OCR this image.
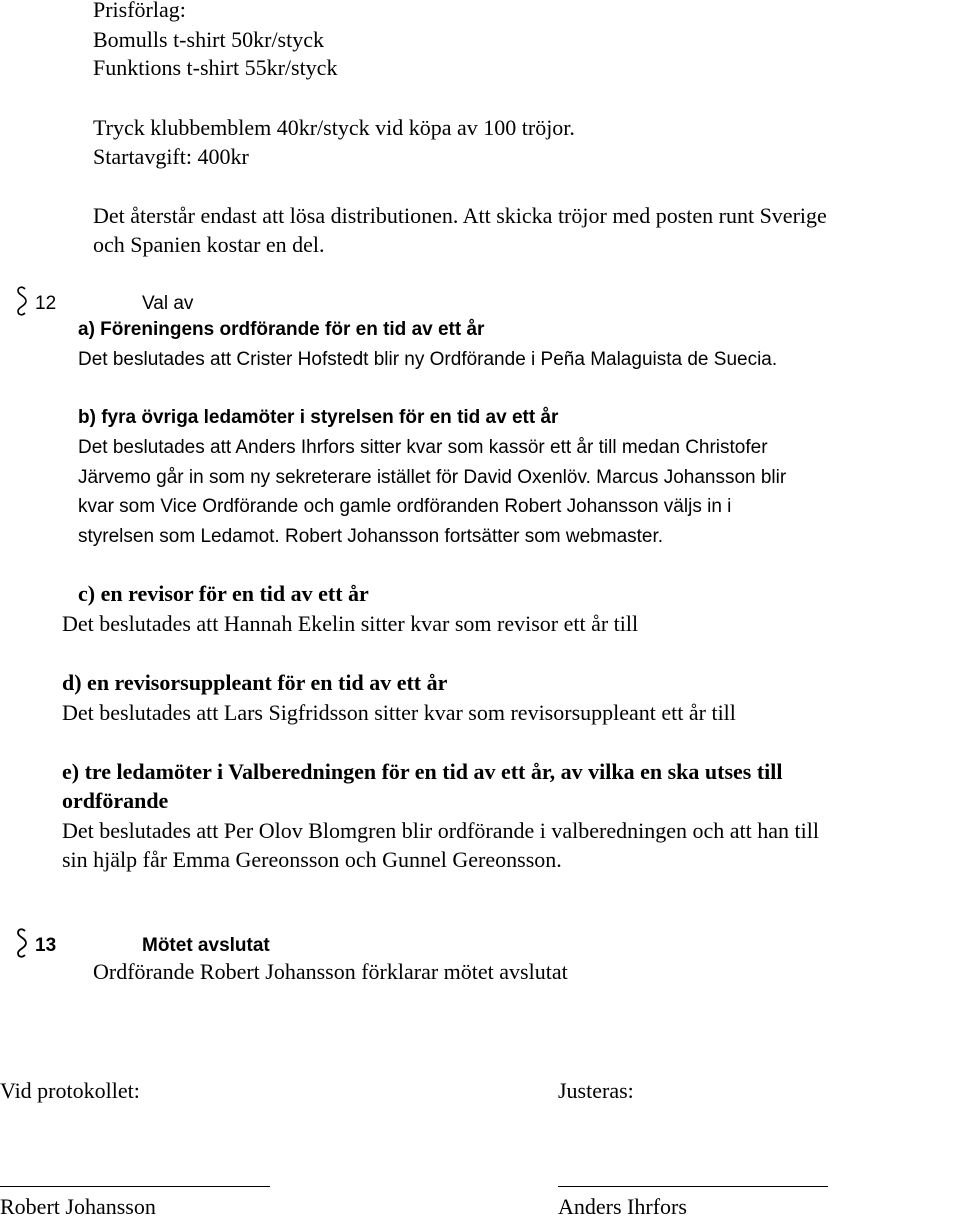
Prisförlag:
Bomulls t-shirt 50kr/styck
Funktions t-shirt 55kr/styck
Tryck klubbemblem 40kr/styck vid köpa av 100 tröjor.
Startavgift: 400kr
Det återstår endast att lösa distributionen. Att skicka tröjor med posten runt Sverige
och Spanien kostar en del.
12	Val av
a) Föreningens ordförande för en tid av ett år
Det beslutades att Crister Hofstedt blir ny Ordförande i Peña Malaguista de Suecia.
b) fyra övriga ledamöter i styrelsen för en tid av ett år
Det beslutades att Anders Ihrfors sitter kvar som kassör ett år till medan Christofer
Järvemo går in som ny sekreterare istället för David Oxenlöv. Marcus Johansson blir
kvar som Vice Ordförande och gamle ordföranden Robert Johansson väljs in i
styrelsen som Ledamot. Robert Johansson fortsätter som webmaster.
c) en revisor för en tid av ett år
Det beslutades att Hannah Ekelin sitter kvar som revisor ett år till
d) en revisorsuppleant för en tid av ett år
Det beslutades att Lars Sigfridsson sitter kvar som revisorsuppleant ett år till
e) tre ledamöter i Valberedningen för en tid av ett år, av vilka en ska utses till
ordförande
Det beslutades att Per Olov Blomgren blir ordförande i valberedningen och att han till
sin hjälp får Emma Gereonsson och Gunnel Gereonsson.
13	Mötet avslutat
Ordförande Robert Johansson förklarar mötet avslutat
Vid protokollet:	Justeras:
Robert Johansson	Anders Ihrfors
